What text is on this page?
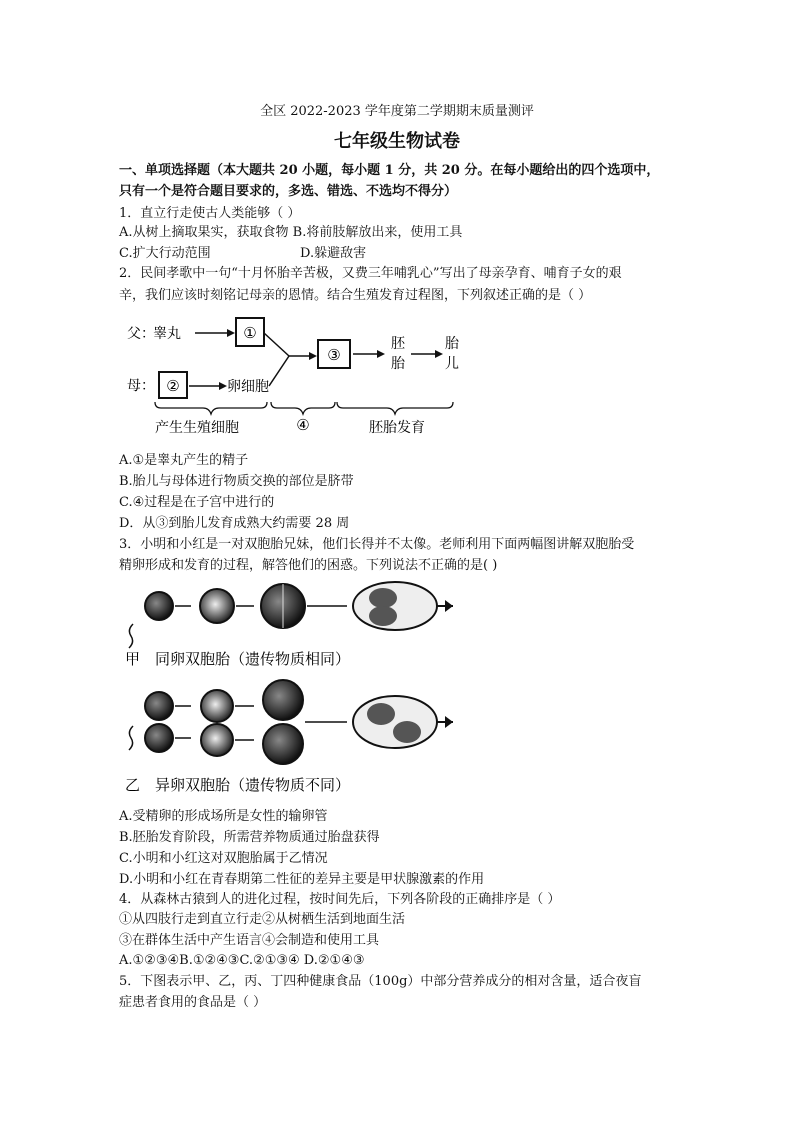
全区 2022-2023 学年度第二学期期末质量测评
七年级生物试卷
一、单项选择题（本大题共 20 小题，每小题 1 分，共 20 分。在每小题给出的四个选项中，
只有一个是符合题目要求的，多选、错选、不选均不得分）
1．直立行走使古人类能够（ ）
A.从树上摘取果实，获取食物 B.将前肢解放出来，使用工具
C.扩大行动范围	D.躲避敌害
2．民间孝歌中一句“十月怀胎辛苦极，又费三年哺乳心”写出了母亲孕育、哺育子女的艰
辛，我们应该时刻铭记母亲的恩情。结合生殖发育过程图，下列叙述正确的是（ ）
父：
睾丸	①
③
胚
胎
胎
儿
母： ②	卵细胞
产生生殖细胞	④	胚胎发育
A.①是睾丸产生的精子
B.胎儿与母体进行物质交换的部位是脐带
C.④过程是在子宫中进行的
D．从③到胎儿发育成熟大约需要 28 周
3．小明和小红是一对双胞胎兄妹，他们长得并不太像。老师利用下面两幅图讲解双胞胎受
精卵形成和发育的过程，解答他们的困惑。下列说法不正确的是( )
甲　同卵双胞胎（遗传物质相同）
乙　异卵双胞胎（遗传物质不同）
A.受精卵的形成场所是女性的输卵管
B.胚胎发育阶段，所需营养物质通过胎盘获得
C.小明和小红这对双胞胎属于乙情况
D.小明和小红在青春期第二性征的差异主要是甲状腺激素的作用
4．从森林古猿到人的进化过程，按时间先后，下列各阶段的正确排序是（ ）
①从四肢行走到直立行走②从树栖生活到地面生活
③在群体生活中产生语言④会制造和使用工具
A.①②③④B.①②④③C.②①③④ D.②①④③
5．下图表示甲、乙，丙、丁四种健康食品（100g）中部分营养成分的相对含量，适合夜盲
症患者食用的食品是（ ）
